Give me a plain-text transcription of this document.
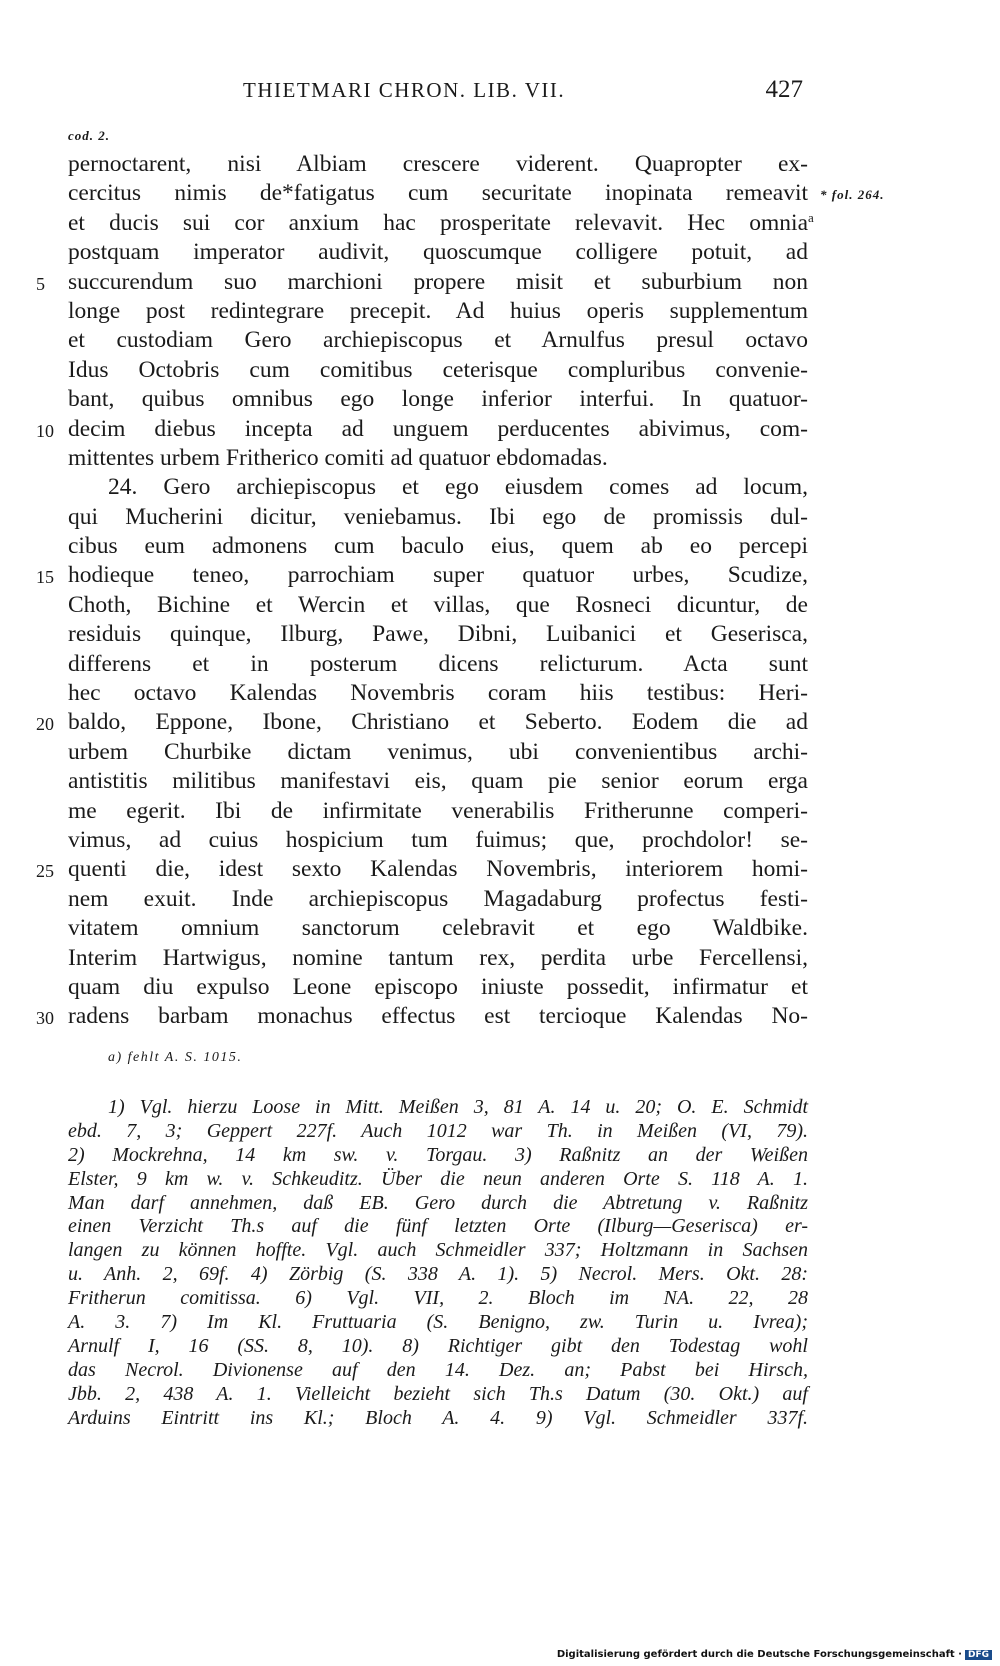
THIETMARI CHRON. LIB. VII.	427
cod. 2.
pernoctarent, nisi Albiam crescere viderent. Quapropter ex-
cercitus nimis de*fatigatus cum securitate inopinata remeavit * fol. 264.
et ducis sui cor anxium hac prosperitate relevavit. Hec omnia a
postquam imperator audivit, quoscumque colligere potuit, ad
5 succurendum suo marchioni propere misit et suburbium non
longe post redintegrare precepit. Ad huius operis supplementum
et custodiam Gero archiepiscopus et Arnulfus presul octavo
Idus Octobris cum comitibus ceterisque compluribus convenie-
bant, quibus omnibus ego longe inferior interfui. In quatuor-
10 decim diebus incepta ad unguem perducentes abivimus, com-
mittentes urbem Fritherico comiti ad quatuor ebdomadas.
24. Gero archiepiscopus et ego eiusdem comes ad locum,
qui Mucherini dicitur, veniebamus. Ibi ego de promissis dul-
cibus eum admonens cum baculo eius, quem ab eo percepi
15 hodieque teneo, parrochiam super quatuor urbes, Scudize,
Choth, Bichine et Wercin et villas, que Rosneci dicuntur, de
residuis quinque, Ilburg, Pawe, Dibni, Luibanici et Geserisca,
differens et in posterum dicens relicturum. Acta sunt
hec octavo Kalendas Novembris coram hiis testibus: Heri-
20 baldo, Eppone, Ibone, Christiano et Seberto. Eodem die ad
urbem Churbike dictam venimus, ubi convenientibus archi-
antistitis militibus manifestavi eis, quam pie senior eorum erga
me egerit. Ibi de infirmitate venerabilis Fritherunne comperi-
vimus, ad cuius hospicium tum fuimus; que, prochdolor! se-
25 quenti die, idest sexto Kalendas Novembris, interiorem homi-
nem exuit. Inde archiepiscopus Magadaburg profectus festi-
vitatem omnium sanctorum celebravit et ego Waldbike.
Interim Hartwigus, nomine tantum rex, perdita urbe Fercellensi,
quam diu expulso Leone episcopo iniuste possedit, infirmatur et
30 radens barbam monachus effectus est tercioque Kalendas No-
a) fehlt A. S. 1015.
1) Vgl. hierzu Loose in Mitt. Meißen 3, 81 A. 14 u. 20; O. E. Schmidt
ebd. 7, 3; Geppert 227f. Auch 1012 war Th. in Meißen (VI, 79).
2) Mockrehna, 14 km sw. v. Torgau. 3) Raßnitz an der Weißen
Elster, 9 km w. v. Schkeuditz. Über die neun anderen Orte S. 118 A. 1.
Man darf annehmen, daß EB. Gero durch die Abtretung v. Raßnitz
einen Verzicht Th.s auf die fünf letzten Orte (Ilburg—Geserisca) er-
langen zu können hoffte. Vgl. auch Schmeidler 337; Holtzmann in Sachsen
u. Anh. 2, 69f. 4) Zörbig (S. 338 A. 1). 5) Necrol. Mers. Okt. 28:
Fritherun comitissa. 6) Vgl. VII, 2. Bloch im NA. 22, 28
A. 3. 7) Im Kl. Fruttuaria (S. Benigno, zw. Turin u. Ivrea);
Arnulf I, 16 (SS. 8, 10). 8) Richtiger gibt den Todestag wohl
das Necrol. Divionense auf den 14. Dez. an; Pabst bei Hirsch,
Jbb. 2, 438 A. 1. Vielleicht bezieht sich Th.s Datum (30. Okt.) auf
Arduins Eintritt ins Kl.; Bloch A. 4. 9) Vgl. Schmeidler 337f.
Digitalisierung gefördert durch die Deutsche Forschungsgemeinschaft · DFG
